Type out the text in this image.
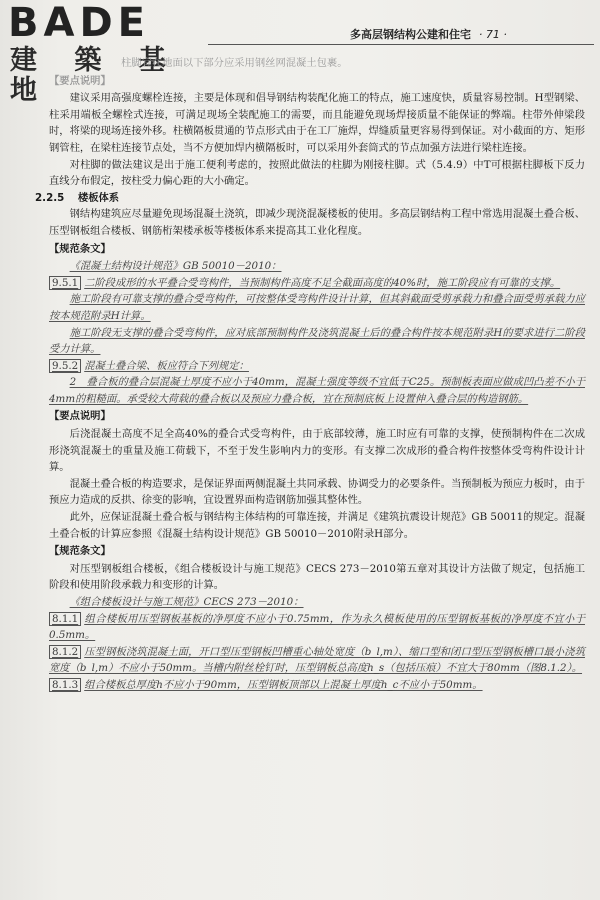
BADE
建 築 基 地
多高层钢结构公建和住宅 · 71 ·

柱脚宜在地面以下部分应采用钢丝网混凝土包裹。

【要点说明】

建议采用高强度螺栓连接，主要是体现和倡导钢结构装配化施工的特点，施工速度快，质量容易控制。H型钢梁、柱采用端板全螺栓式连接，可满足现场全装配施工的需要，而且能避免现场焊接质量不能保证的弊端。柱带外伸梁段时，将梁的现场连接外移。柱横隔板贯通的节点形式由于在工厂施焊，焊缝质量更容易得到保证。对小截面的方、矩形钢管柱，在梁柱连接节点处，当不方便加焊内横隔板时，可以采用外套筒式的节点加强方法进行梁柱连接。

对柱脚的做法建议是出于施工便利考虑的，按照此做法的柱脚为刚接柱脚。式（5.4.9）中T可根据柱脚板下反力直线分布假定，按柱受力偏心距的大小确定。

2.2.5 楼板体系

钢结构建筑应尽量避免现场混凝土浇筑，即减少现浇混凝楼板的使用。多高层钢结构工程中常选用混凝土叠合板、压型钢板组合楼板、钢筋桁架楼承板等楼板体系来提高其工业化程度。

【规范条文】

《混凝土结构设计规范》GB 50010－2010：

9.5.1 二阶段成形的水平叠合受弯构件，当预制构件高度不足全截面高度的40%时，施工阶段应有可靠的支撑。

施工阶段有可靠支撑的叠合受弯构件，可按整体受弯构件设计计算，但其斜截面受剪承载力和叠合面受剪承载力应按本规范附录H计算。

施工阶段无支撑的叠合受弯构件，应对底部预制构件及浇筑混凝土后的叠合构件按本规范附录H的要求进行二阶段受力计算。

9.5.2 混凝土叠合梁、板应符合下列规定：

2　叠合板的叠合层混凝土厚度不应小于40mm，混凝土强度等级不宜低于C25。预制板表面应做成凹凸差不小于4mm的粗糙面。承受较大荷载的叠合板以及预应力叠合板，宜在预制底板上设置伸入叠合层的构造钢筋。

【要点说明】

后浇混凝土高度不足全高40%的叠合式受弯构件，由于底部较薄，施工时应有可靠的支撑，使预制构件在二次成形浇筑混凝土的重量及施工荷载下，不至于发生影响内力的变形。有支撑二次成形的叠合构件按整体受弯构件设计计算。

混凝土叠合板的构造要求，是保证界面两侧混凝土共同承载、协调受力的必要条件。当预制板为预应力板时，由于预应力造成的反拱、徐变的影响，宜设置界面构造钢筋加强其整体性。

此外，应保证混凝土叠合板与钢结构主体结构的可靠连接，并满足《建筑抗震设计规范》GB 50011的规定。混凝土叠合板的计算应参照《混凝土结构设计规范》GB 50010－2010附录H部分。

【规范条文】

对压型钢板组合楼板，《组合楼板设计与施工规范》CECS 273－2010第五章对其设计方法做了规定，包括施工阶段和使用阶段承载力和变形的计算。

《组合楼板设计与施工规范》CECS 273－2010：

8.1.1 组合楼板用压型钢板基板的净厚度不应小于0.75mm，作为永久模板使用的压型钢板基板的净厚度不宜小于0.5mm。

8.1.2 压型钢板浇筑混凝土面，开口型压型钢板凹槽重心轴处宽度（b_l,m）、缩口型和闭口型压型钢板槽口最小浇筑宽度（b_l,m）不应小于50mm。当槽内附丝栓钉时，压型钢板总高度h_s（包括压痕）不宜大于80mm（图8.1.2）。

8.1.3 组合楼板总厚度h不应小于90mm，压型钢板顶部以上混凝土厚度h_c不应小于50mm。
